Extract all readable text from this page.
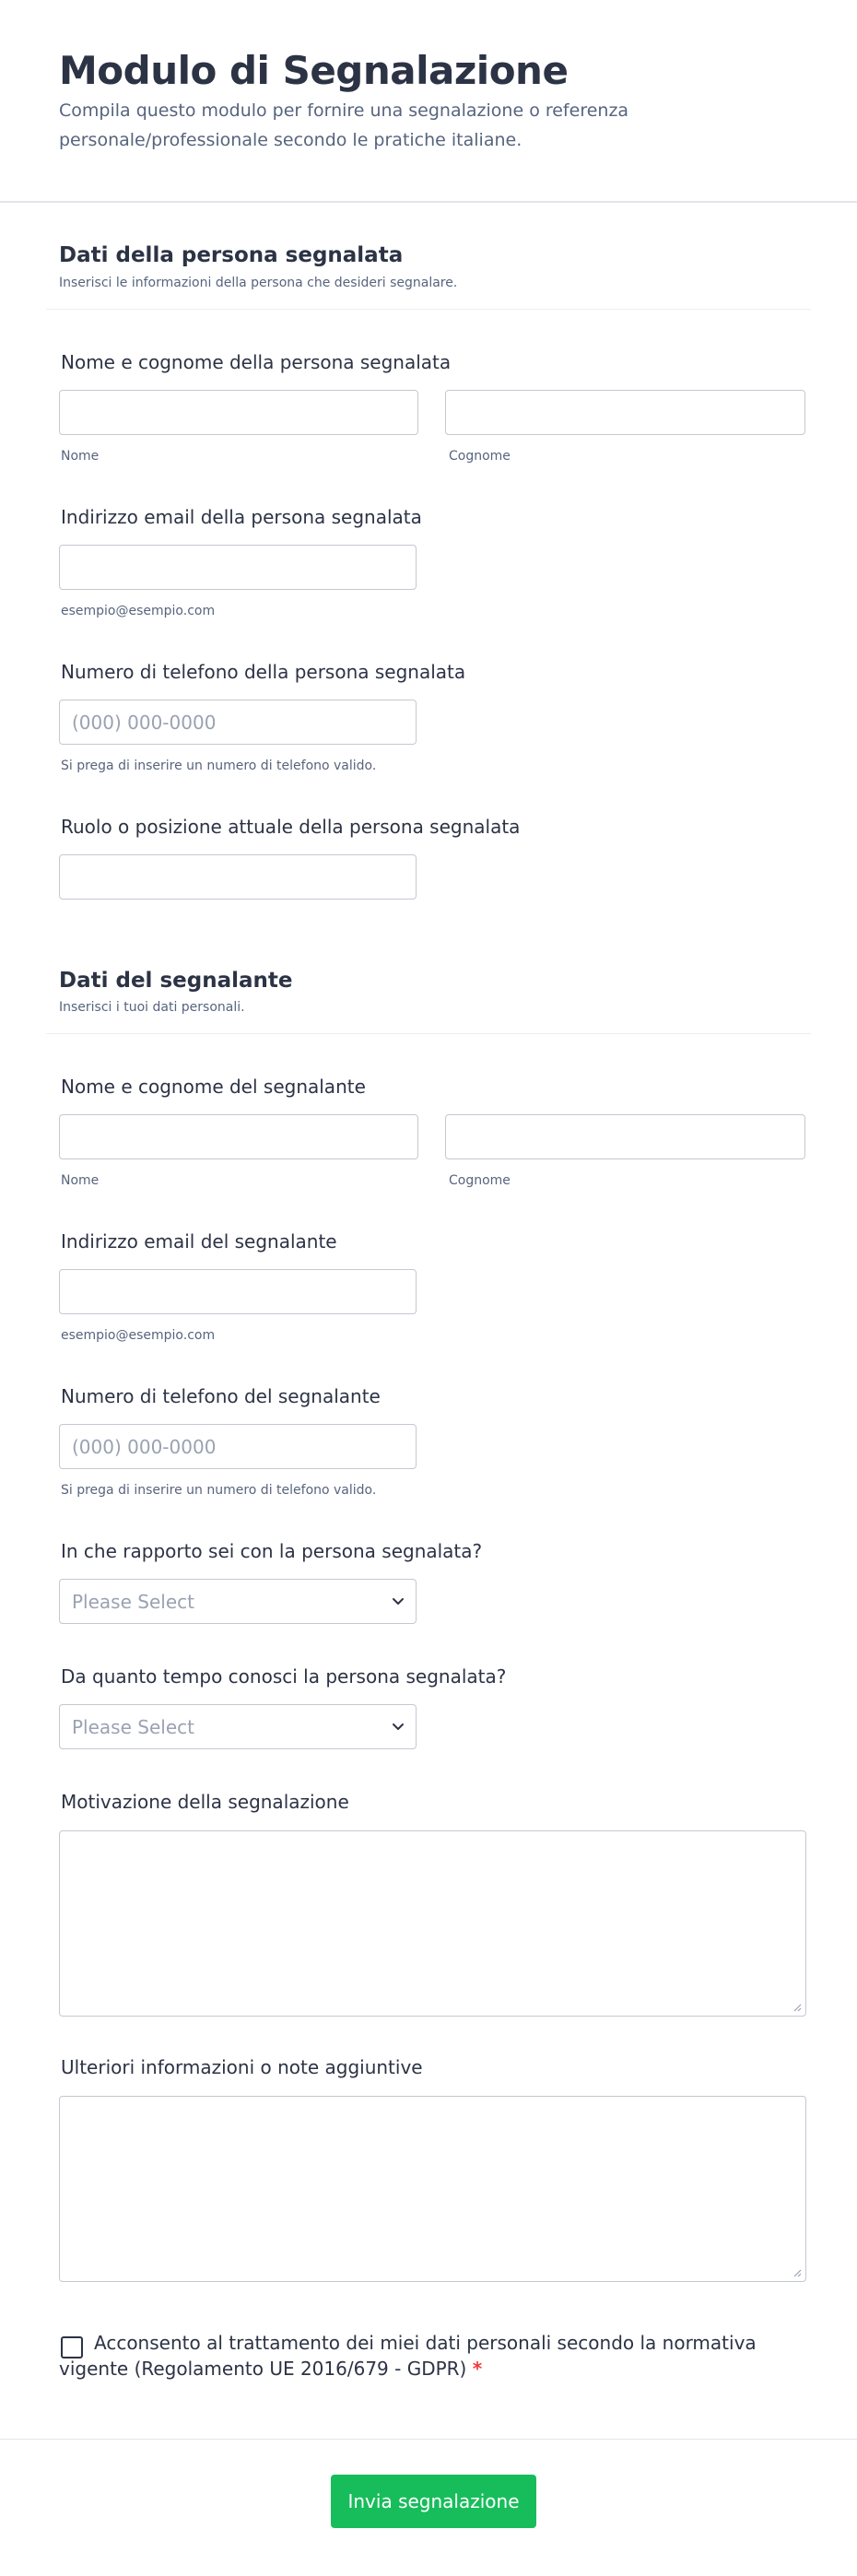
Modulo di Segnalazione
Compila questo modulo per fornire una segnalazione o referenza personale/professionale secondo le pratiche italiane.
Dati della persona segnalata
Inserisci le informazioni della persona che desideri segnalare.
Nome e cognome della persona segnalata
Nome	Cognome
Indirizzo email della persona segnalata
esempio@esempio.com
Numero di telefono della persona segnalata
(000) 000-0000
Si prega di inserire un numero di telefono valido.
Ruolo o posizione attuale della persona segnalata
Dati del segnalante
Inserisci i tuoi dati personali.
Nome e cognome del segnalante
Nome	Cognome
Indirizzo email del segnalante
esempio@esempio.com
Numero di telefono del segnalante
(000) 000-0000
Si prega di inserire un numero di telefono valido.
In che rapporto sei con la persona segnalata?
Please Select
Da quanto tempo conosci la persona segnalata?
Please Select
Motivazione della segnalazione
Ulteriori informazioni o note aggiuntive
Acconsento al trattamento dei miei dati personali secondo la normativa vigente (Regolamento UE 2016/679 - GDPR) *
Invia segnalazione
